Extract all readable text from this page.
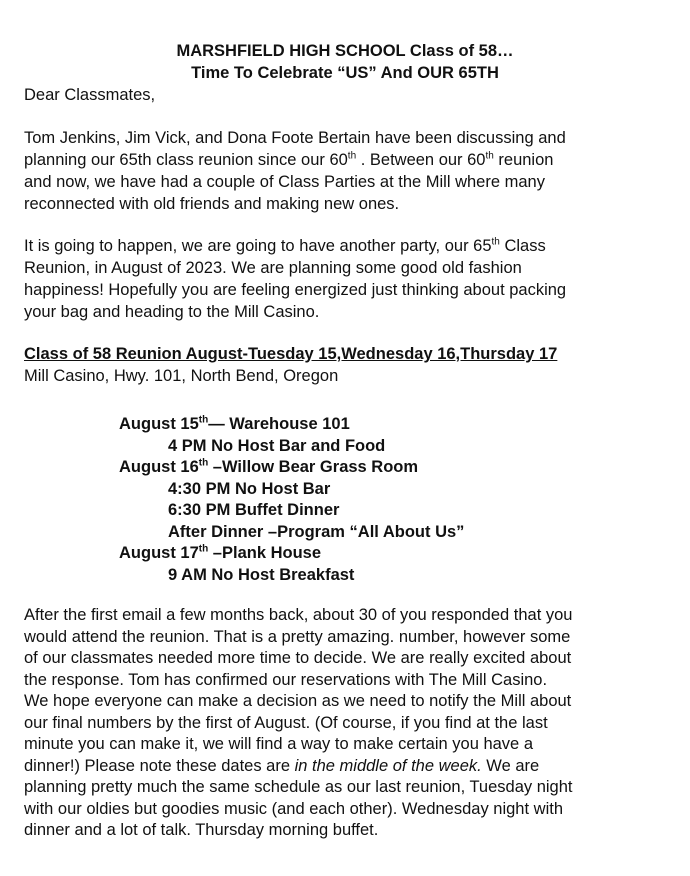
MARSHFIELD HIGH SCHOOL Class of 58…
Time To Celebrate “US” And OUR 65TH
Dear Classmates,
Tom Jenkins, Jim Vick, and Dona Foote Bertain have been discussing and
planning our 65th class reunion since our 60th . Between our 60th reunion
and now, we have had a couple of Class Parties at the Mill where many
reconnected with old friends and making new ones.
It is going to happen, we are going to have another party, our 65th Class
Reunion, in August of 2023. We are planning some good old fashion
happiness! Hopefully you are feeling energized just thinking about packing
your bag and heading to the Mill Casino.
Class of 58 Reunion August-Tuesday 15,Wednesday 16,Thursday 17
Mill Casino, Hwy. 101, North Bend, Oregon
August 15th— Warehouse 101
4 PM No Host Bar and Food
August 16th –Willow Bear Grass Room
4:30 PM No Host Bar
6:30 PM Buffet Dinner
After Dinner –Program “All About Us”
August 17th –Plank House
9 AM No Host Breakfast
After the first email a few months back, about 30 of you responded that you
would attend the reunion. That is a pretty amazing. number, however some
of our classmates needed more time to decide. We are really excited about
the response. Tom has confirmed our reservations with The Mill Casino.
We hope everyone can make a decision as we need to notify the Mill about
our final numbers by the first of August. (Of course, if you find at the last
minute you can make it, we will find a way to make certain you have a
dinner!) Please note these dates are in the middle of the week. We are
planning pretty much the same schedule as our last reunion, Tuesday night
with our oldies but goodies music (and each other). Wednesday night with
dinner and a lot of talk. Thursday morning buffet.
